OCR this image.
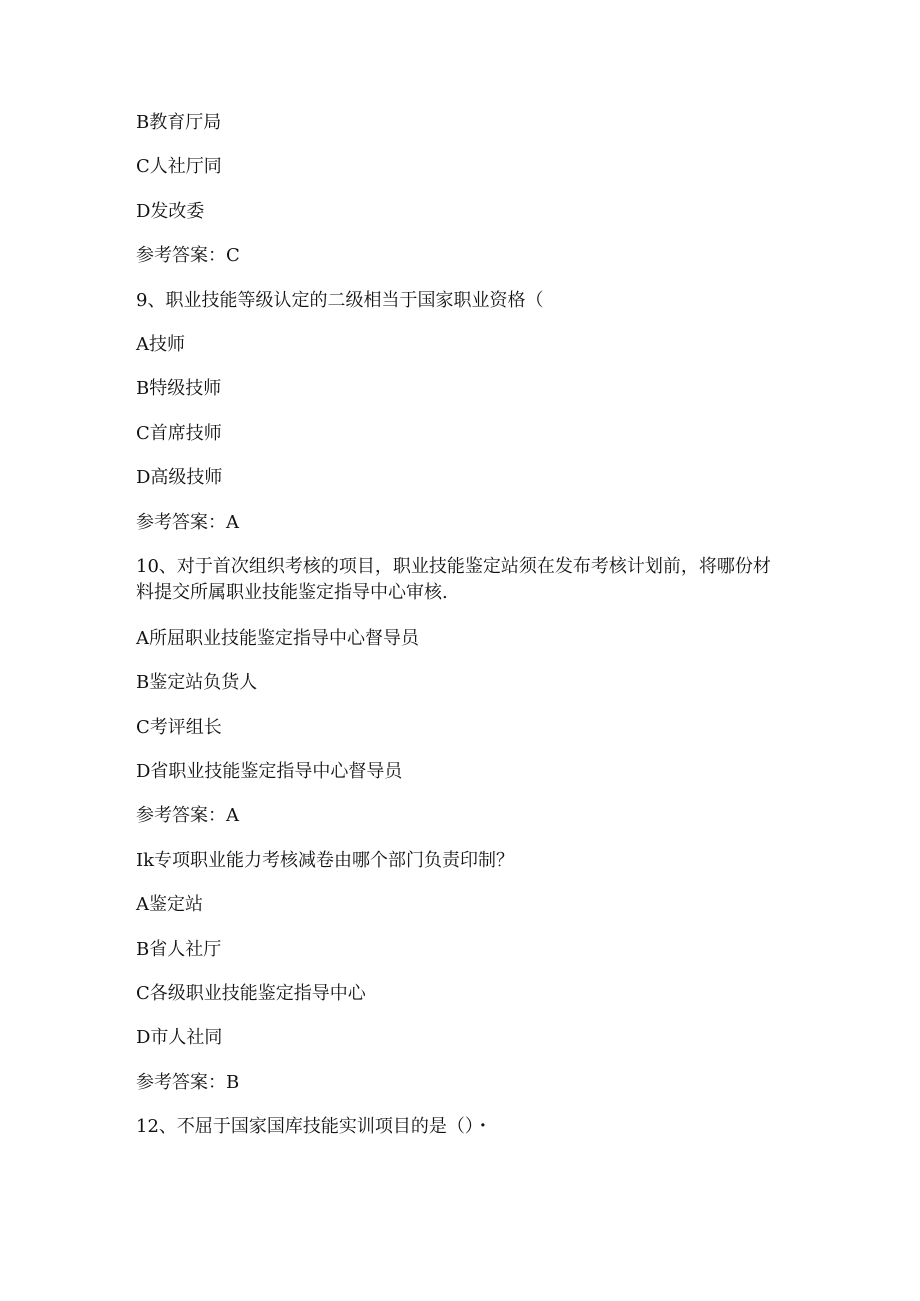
B教育厅局
C人社厅同
D发改委
参考答案：C
9、职业技能等级认定的二级相当于国家职业资格（
A技师
B特级技师
C首席技师
D高级技师
参考答案：A
10、对于首次组织考核的项目，职业技能鉴定站须在发布考核计划前，将哪份材料提交所属职业技能鉴定指导中心审核.
A所屈职业技能鉴定指导中心督导员
B鉴定站负货人
C考评组长
D省职业技能鉴定指导中心督导员
参考答案：A
Ik专项职业能力考核减卷由哪个部门负责印制？
A鉴定站
B省人社厅
C各级职业技能鉴定指导中心
D市人社同
参考答案：B
12、不屈于国家国库技能实训项目的是（）・
